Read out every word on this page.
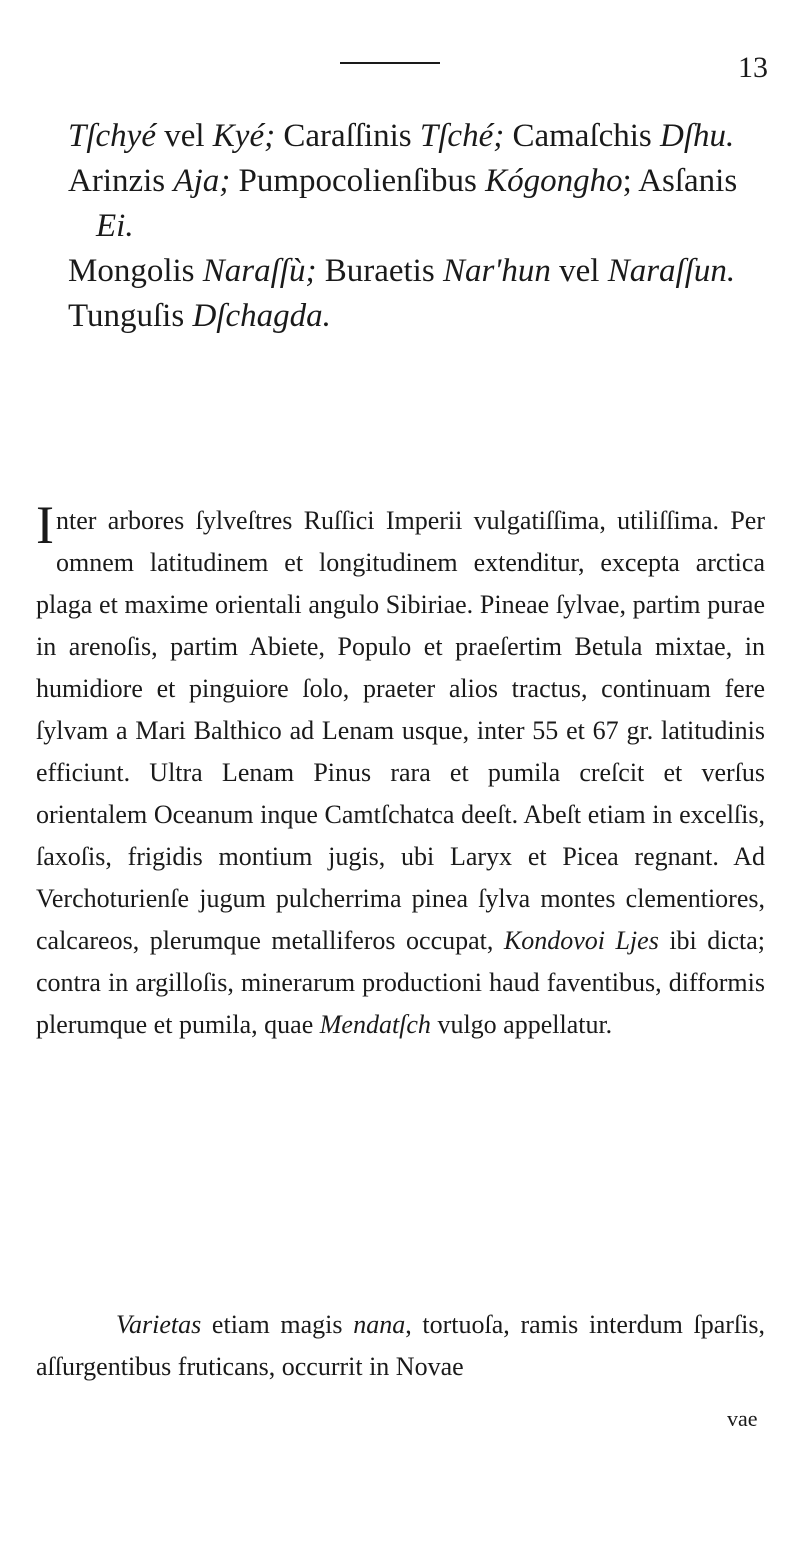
13

Tſchyé vel Kyé; Caraſſinis Tſché; Camaſchis Dſhu.

Arinzis Aja; Pumpocolienſibus Kógongho; Asſanis Ei.

Mongolis Naraſſù; Buraetis Nar'hun vel Naraſſun.

Tunguſis Dſchagda.

Inter arbores ſylveſtres Ruſſici Imperii vulgatiſſima, utiliſſima. Per omnem latitudinem et longitudinem extenditur, excepta arctica plaga et maxime orientali angulo Sibiriae. Pineae ſylvae, partim purae in arenoſis, partim Abiete, Populo et praeſertim Betula mixtae, in humidiore et pinguiore ſolo, praeter alios tractus, continuam fere ſylvam a Mari Balthico ad Lenam usque, inter 55 et 67 gr. latitudinis efficiunt. Ultra Lenam Pinus rara et pumila creſcit et verſus orientalem Oceanum inque Camtſchatca deeſt. Abeſt etiam in excelſis, ſaxoſis, frigidis montium jugis, ubi Laryx et Picea regnant. Ad Verchoturienſe jugum pulcherrima pinea ſylva montes clementiores, calcareos, plerumque metalliferos occupat, Kondovoi Ljes ibi dicta; contra in argilloſis, minerarum productioni haud faventibus, difformis plerumque et pumila, quae Mendatſch vulgo appellatur.

Varietas etiam magis nana, tortuoſa, ramis interdum ſparſis, aſſurgentibus fruticans, occurrit in Novae

vae
